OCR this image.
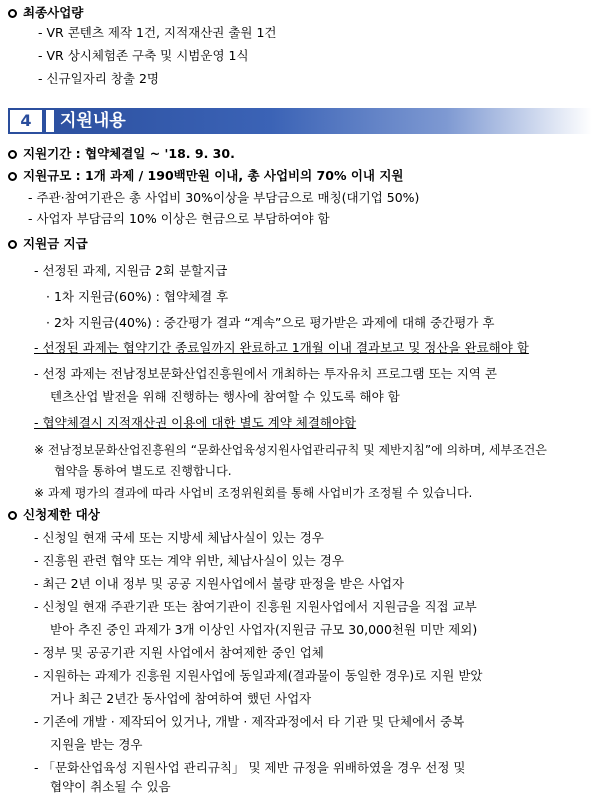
최종사업량
- VR 콘텐츠 제작 1건, 지적재산권 출원 1건
- VR 상시체험존 구축 및 시범운영 1식
- 신규일자리 창출 2명
4	지원내용
지원기간 : 협약체결일 ~ '18. 9. 30.
지원규모 : 1개 과제 / 190백만원 이내, 총 사업비의 70% 이내 지원
- 주관·참여기관은 총 사업비 30%이상을 부담금으로 매칭(대기업 50%)
- 사업자 부담금의 10% 이상은 현금으로 부담하여야 함
지원금 지급
- 선정된 과제, 지원금 2회 분할지급
· 1차 지원금(60%) : 협약체결 후
· 2차 지원금(40%) : 중간평가 결과 “계속”으로 평가받은 과제에 대해 중간평가 후
- 선정된 과제는 협약기간 종료일까지 완료하고 1개월 이내 결과보고 및 정산을 완료해야 함
- 선정 과제는 전남정보문화산업진흥원에서 개최하는 투자유치 프로그램 또는 지역 콘
텐츠산업 발전을 위해 진행하는 행사에 참여할 수 있도록 해야 함
- 협약체결시 지적재산권 이용에 대한 별도 계약 체결해야함
※ 전남정보문화산업진흥원의 “문화산업육성지원사업관리규칙 및 제반지침”에 의하며, 세부조건은
협약을 통하여 별도로 진행합니다.
※ 과제 평가의 결과에 따라 사업비 조정위원회를 통해 사업비가 조정될 수 있습니다.
신청제한 대상
- 신청일 현재 국세 또는 지방세 체납사실이 있는 경우
- 진흥원 관련 협약 또는 계약 위반, 체납사실이 있는 경우
- 최근 2년 이내 정부 및 공공 지원사업에서 불량 판정을 받은 사업자
- 신청일 현재 주관기관 또는 참여기관이 진흥원 지원사업에서 지원금을 직접 교부
받아 추진 중인 과제가 3개 이상인 사업자(지원금 규모 30,000천원 미만 제외)
- 정부 및 공공기관 지원 사업에서 참여제한 중인 업체
- 지원하는 과제가 진흥원 지원사업에 동일과제(결과물이 동일한 경우)로 지원 받았
거나 최근 2년간 동사업에 참여하여 했던 사업자
- 기존에 개발 · 제작되어 있거나, 개발 · 제작과정에서 타 기관 및 단체에서 중복
지원을 받는 경우
- 「문화산업육성 지원사업 관리규칙」 및 제반 규정을 위배하였을 경우 선정 및
협약이 취소될 수 있음
